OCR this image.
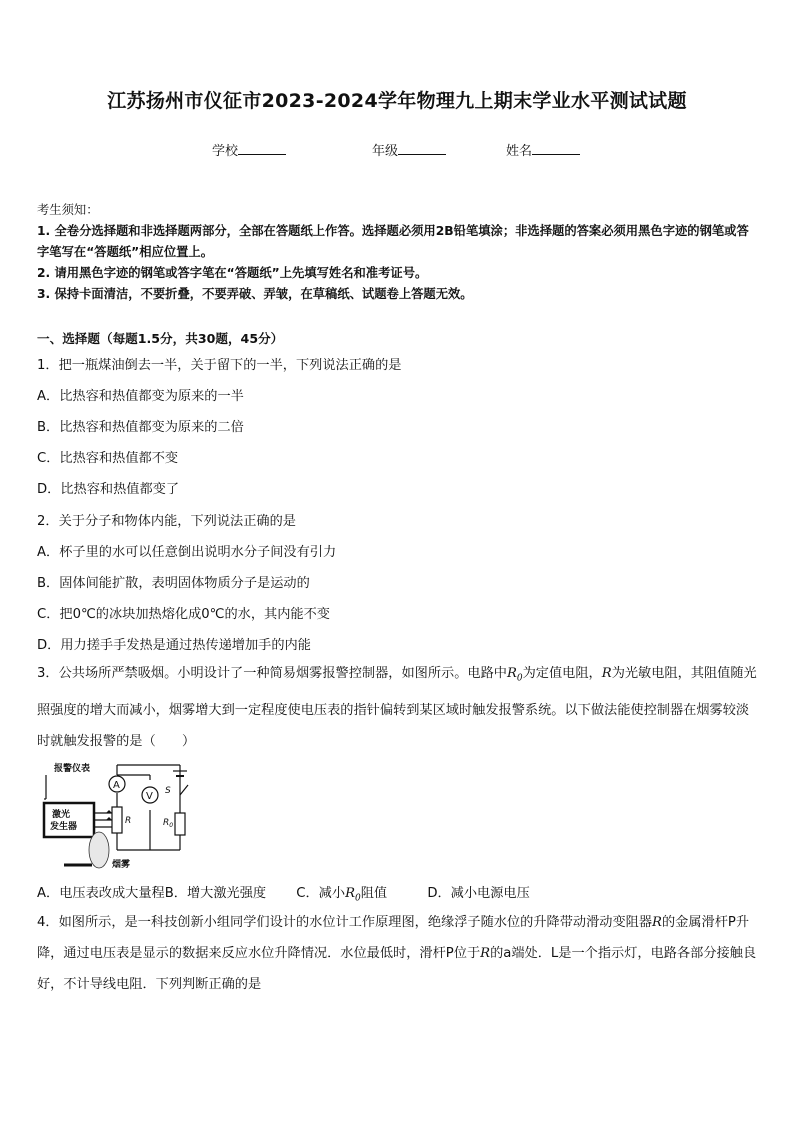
江苏扬州市仪征市2023-2024学年物理九上期末学业水平测试试题
学校	年级	姓名

考生须知：

1. 全卷分选择题和非选择题两部分，全部在答题纸上作答。选择题必须用2B铅笔填涂；非选择题的答案必须用黑色字迹的钢笔或答字笔写在“答题纸”相应位置上。

2. 请用黑色字迹的钢笔或答字笔在“答题纸”上先填写姓名和准考证号。

3. 保持卡面清洁，不要折叠，不要弄破、弄皱，在草稿纸、试题卷上答题无效。

一、选择题（每题1.5分，共30题，45分）
1．把一瓶煤油倒去一半，关于留下的一半，下列说法正确的是
A．比热容和热值都变为原来的一半
B．比热容和热值都变为原来的二倍
C．比热容和热值都不变
D．比热容和热值都变了
2．关于分子和物体内能，下列说法正确的是
A．杯子里的水可以任意倒出说明水分子间没有引力
B．固体间能扩散，表明固体物质分子是运动的
C．把0℃的冰块加热熔化成0℃的水，其内能不变
D．用力搓手手发热是通过热传递增加手的内能
3．公共场所严禁吸烟。小明设计了一种简易烟雾报警控制器，如图所示。电路中$R_0$为定值电阻，R为光敏电阻，其阻值随光照强度的增大而减小，烟雾增大到一定程度使电压表的指针偏转到某区域时触发报警系统。以下做法能使控制器在烟雾较淡时就触发报警的是（　　）
报警仪表
A
V S
R	$R_0$
激光发生器
烟雾
A．电压表改成大量程B．增大激光强度 C．减小$R_0$阻值	D．减小电源电压
4．如图所示，是一科技创新小组同学们设计的水位计工作原理图，绝缘浮子随水位的升降带动滑动变阻器R的金属滑杆P升降，通过电压表是显示的数据来反应水位升降情况．水位最低时，滑杆P位于R的a端处．L是一个指示灯，电路各部分接触良好，不计导线电阻．下列判断正确的是
